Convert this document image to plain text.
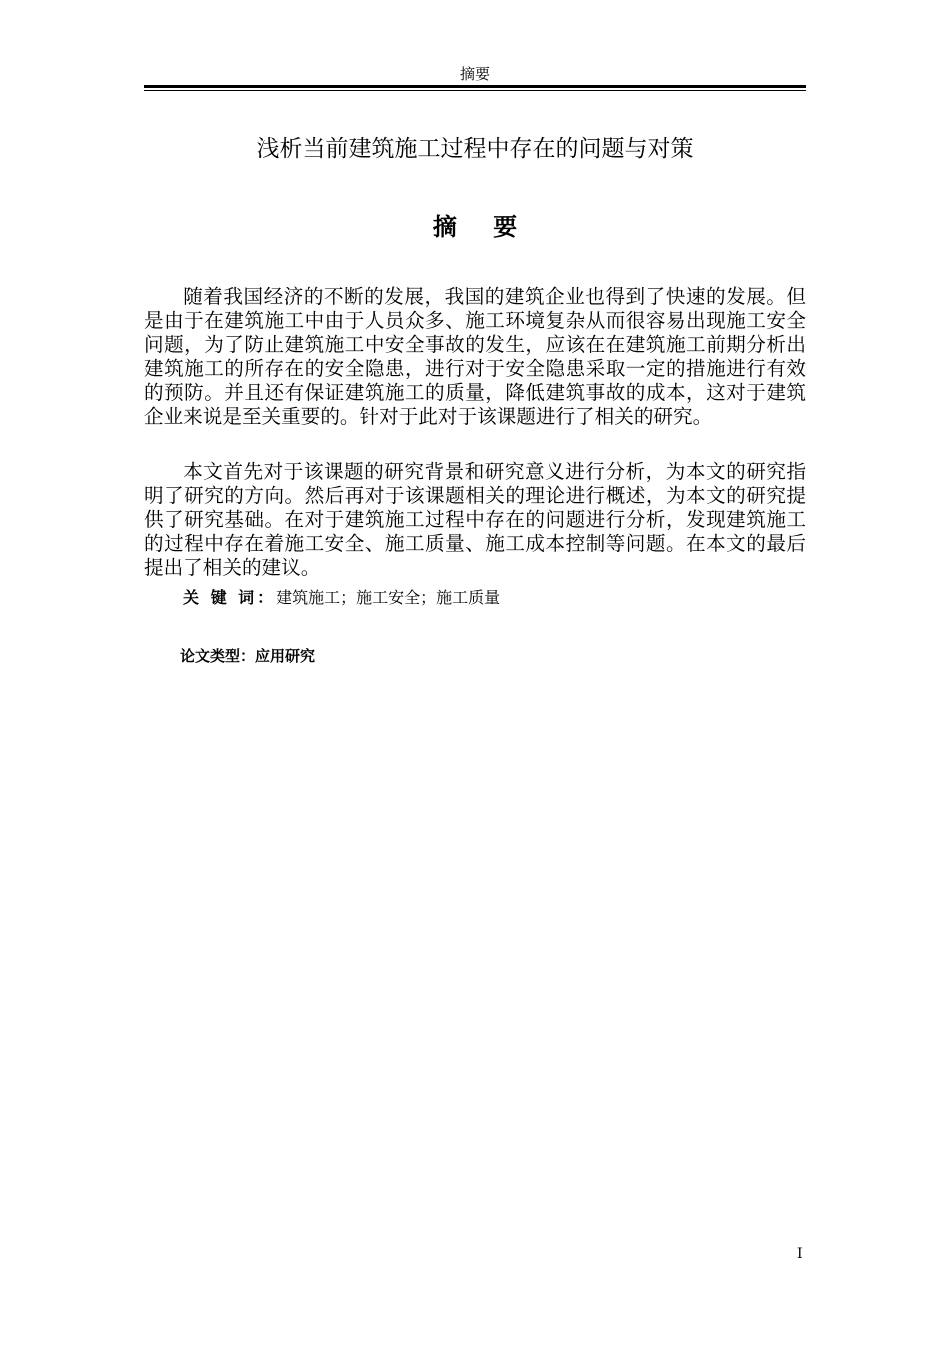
摘要
浅析当前建筑施工过程中存在的问题与对策
摘 要

随着我国经济的不断的发展，我国的建筑企业也得到了快速的发展。但是由于在建筑施工中由于人员众多、施工环境复杂从而很容易出现施工安全问题，为了防止建筑施工中安全事故的发生，应该在在建筑施工前期分析出建筑施工的所存在的安全隐患，进行对于安全隐患采取一定的措施进行有效的预防。并且还有保证建筑施工的质量，降低建筑事故的成本，这对于建筑企业来说是至关重要的。针对于此对于该课题进行了相关的研究。

本文首先对于该课题的研究背景和研究意义进行分析，为本文的研究指明了研究的方向。然后再对于该课题相关的理论进行概述，为本文的研究提供了研究基础。在对于建筑施工过程中存在的问题进行分析，发现建筑施工的过程中存在着施工安全、施工质量、施工成本控制等问题。在本文的最后提出了相关的建议。

关 键 词：建筑施工；施工安全；施工质量
论文类型：应用研究
I
